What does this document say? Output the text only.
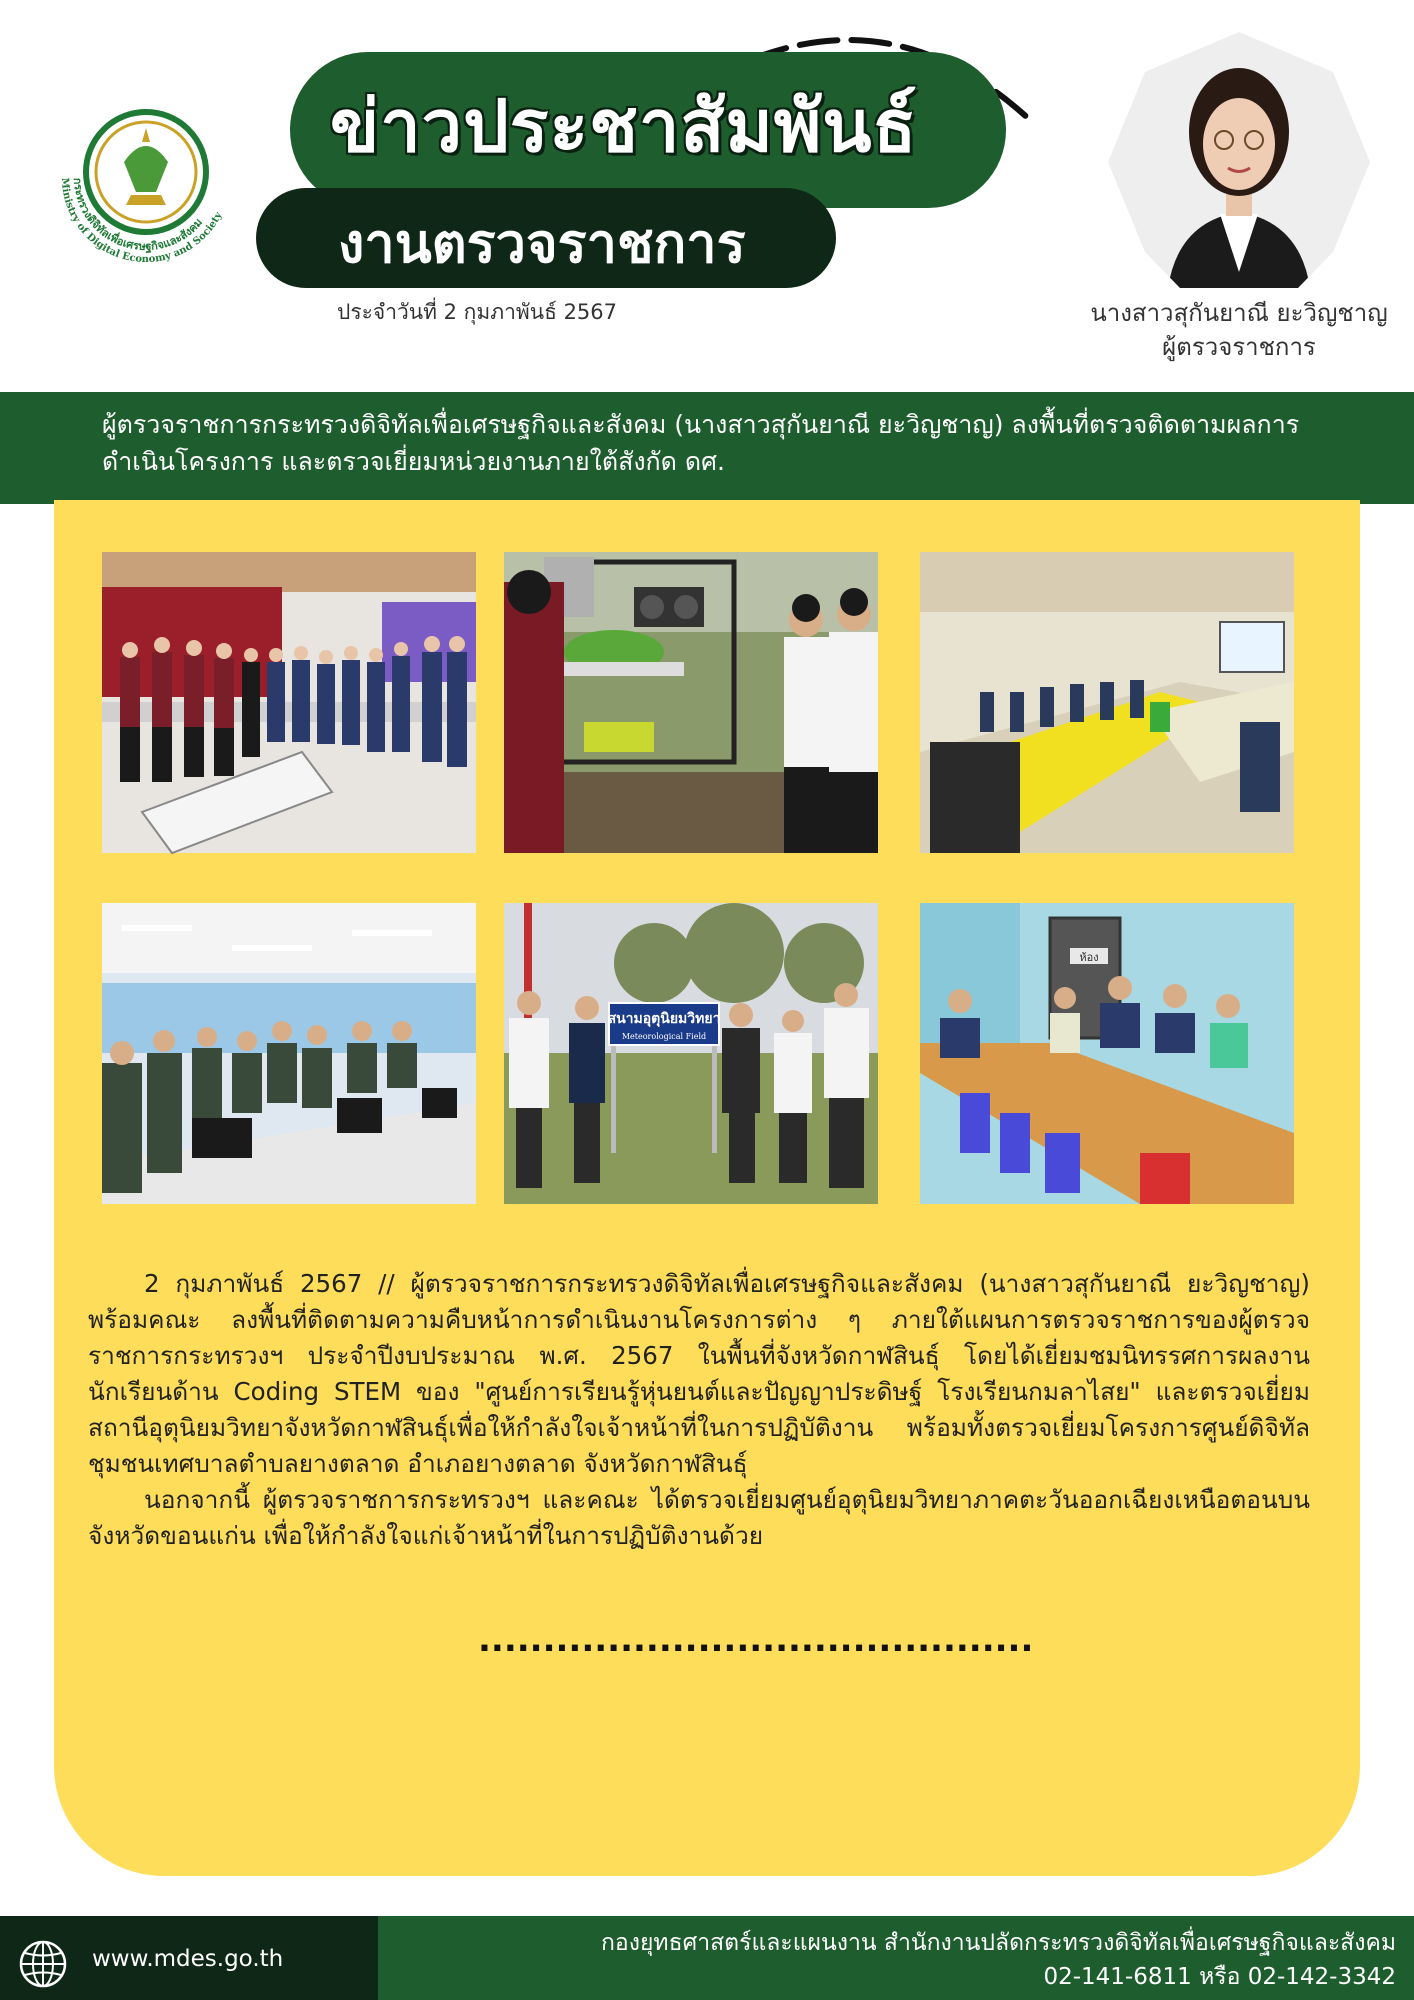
กระทรวงดิจิทัลเพื่อเศรษฐกิจและสังคม
Ministry of Digital Economy and Society
ข่าวประชาสัมพันธ์
งานตรวจราชการ
ประจำวันที่ 2 กุมภาพันธ์ 2567	นางสาวสุกันยาณี ยะวิญชาญ
ผู้ตรวจราชการ
ผู้ตรวจราชการกระทรวงดิจิทัลเพื่อเศรษฐกิจและสังคม (นางสาวสุกันยาณี ยะวิญชาญ) ลงพื้นที่ตรวจติดตามผลการดำเนินโครงการ และตรวจเยี่ยมหน่วยงานภายใต้สังกัด ดศ.
สนามอุตุนิยมวิทยา
Meteorological Field
ห้อง

2 กุมภาพันธ์ 2567 // ผู้ตรวจราชการกระทรวงดิจิทัลเพื่อเศรษฐกิจและสังคม (นางสาวสุกันยาณี ยะวิญชาญ) พร้อมคณะ ลงพื้นที่ติดตามความคืบหน้าการดำเนินงานโครงการต่าง ๆ ภายใต้แผนการตรวจราชการของผู้ตรวจราชการกระทรวงฯ ประจำปีงบประมาณ พ.ศ. 2567 ในพื้นที่จังหวัดกาฬสินธุ์ โดยได้เยี่ยมชมนิทรรศการผลงานนักเรียนด้าน Coding STEM ของ "ศูนย์การเรียนรู้หุ่นยนต์และปัญญาประดิษฐ์ โรงเรียนกมลาไสย" และตรวจเยี่ยมสถานีอุตุนิยมวิทยาจังหวัดกาฬสินธุ์เพื่อให้กำลังใจเจ้าหน้าที่ในการปฏิบัติงาน พร้อมทั้งตรวจเยี่ยมโครงการศูนย์ดิจิทัลชุมชนเทศบาลตำบลยางตลาด อำเภอยางตลาด จังหวัดกาฬสินธุ์

นอกจากนี้ ผู้ตรวจราชการกระทรวงฯ และคณะ ได้ตรวจเยี่ยมศูนย์อุตุนิยมวิทยาภาคตะวันออกเฉียงเหนือตอนบน จังหวัดขอนแก่น เพื่อให้กำลังใจแก่เจ้าหน้าที่ในการปฏิบัติงานด้วย

...........................................
www.mdes.go.th
กองยุทธศาสตร์และแผนงาน สำนักงานปลัดกระทรวงดิจิทัลเพื่อเศรษฐกิจและสังคม
02-141-6811 หรือ 02-142-3342
